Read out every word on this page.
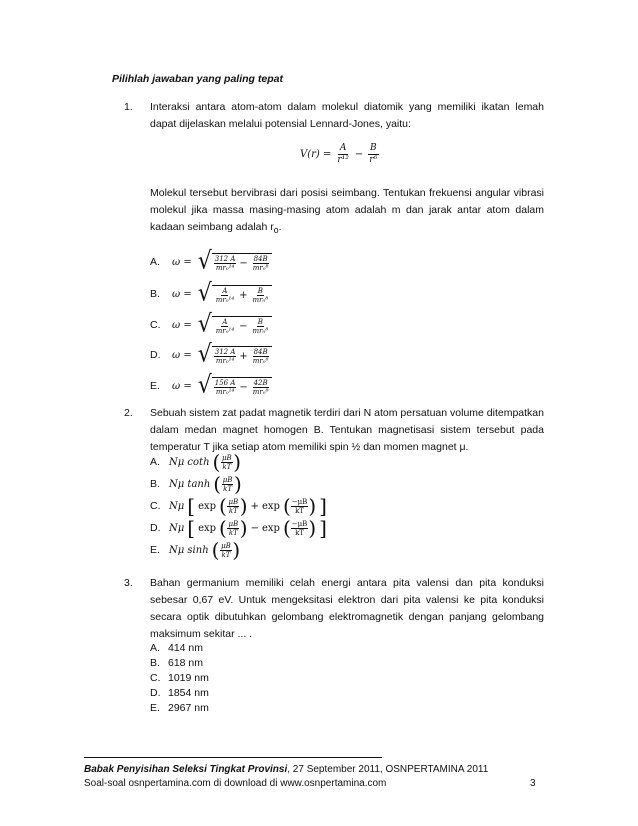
Pilihlah jawaban yang paling tepat
1. Interaksi antara atom-atom dalam molekul diatomik yang memiliki ikatan lemah dapat dijelaskan melalui potensial Lennard-Jones, yaitu:
$V(r) = \frac{A}{\text{r¹²}} - \frac{B}{\text{r⁶}}$
Molekul tersebut bervibrasi dari posisi seimbang. Tentukan frekuensi angular vibrasi molekul jika massa masing-masing atom adalah m dan jarak antar atom dalam kadaan seimbang adalah $r_o$.
A.	ω = √ $\frac{312 A}{\text{mr₀¹⁴}} - \frac{84B}{\text{mr₀⁸}}$
B.	ω = √ $\frac{A}{\text{mr₀¹⁴}} + \frac{B}{\text{mr₀⁸}}$
C.	ω = √ $\frac{A}{\text{mr₀¹⁴}} - \frac{B}{\text{mr₀⁸}}$
D.	ω = √ $\frac{312 A}{\text{mr₀¹⁴}} + \frac{84B}{\text{mr₀⁸}}$
E.	ω = √ $\frac{156 A}{\text{mr₀¹⁴}} - \frac{42B}{\text{mr₀⁸}}$
2. Sebuah sistem zat padat magnetik terdiri dari N atom persatuan volume ditempatkan dalam medan magnet homogen B. Tentukan magnetisasi sistem tersebut pada temperatur T jika setiap atom memiliki spin ½ dan momen magnet μ.
A. Nμ coth ( $\frac{\mu B}{kT}$ )
B. Nμ tanh ( $\frac{\mu B}{kT}$ )
C. Nμ [ exp ( $\frac{\mu B}{kT}$ ) + exp ( $\frac{-\mu B}{kT}$ ) ]
D. Nμ [ exp ( $\frac{\mu B}{kT}$ ) − exp ( $\frac{-\mu B}{kT}$ ) ]
E. Nμ sinh ( $\frac{\mu B}{kT}$ )
3. Bahan germanium memiliki celah energi antara pita valensi dan pita konduksi sebesar 0,67 eV. Untuk mengeksitasi elektron dari pita valensi ke pita konduksi secara optik dibutuhkan gelombang elektromagnetik dengan panjang gelombang maksimum sekitar ... .
A. 414 nm
B. 618 nm
C. 1019 nm
D. 1854 nm
E. 2967 nm
Babak Penyisihan Seleksi Tingkat Provinsi, 27 September 2011, OSNPERTAMINA 2011
Soal-soal osnpertamina.com di download di www.osnpertamina.com	3
